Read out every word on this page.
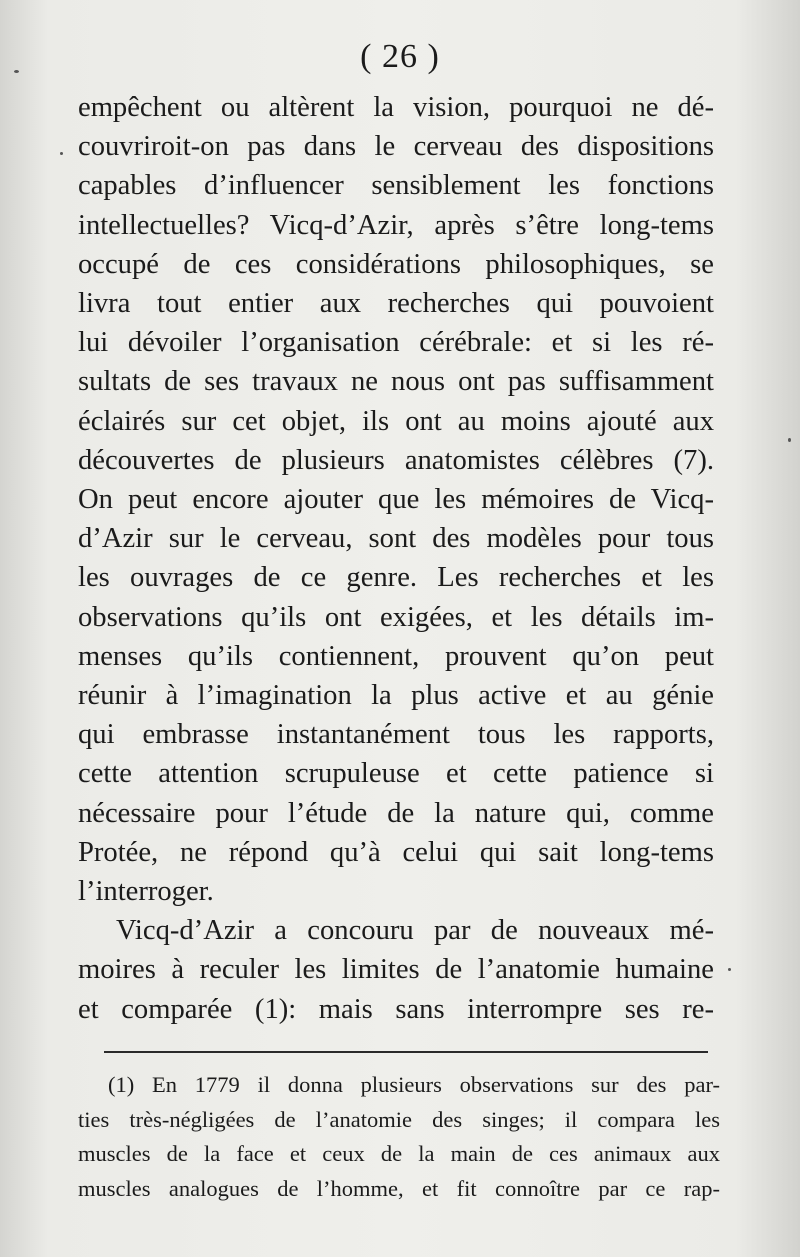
( 26 )
empêchent ou altèrent la vision, pourquoi ne dé-
couvriroit-on pas dans le cerveau des dispositions
capables d’influencer sensiblement les fonctions
intellectuelles? Vicq-d’Azir, après s’être long-tems
occupé de ces considérations philosophiques, se
livra tout entier aux recherches qui pouvoient
lui dévoiler l’organisation cérébrale: et si les ré-
sultats de ses travaux ne nous ont pas suffisamment
éclairés sur cet objet, ils ont au moins ajouté aux
découvertes de plusieurs anatomistes célèbres (7).
On peut encore ajouter que les mémoires de Vicq-
d’Azir sur le cerveau, sont des modèles pour tous
les ouvrages de ce genre. Les recherches et les
observations qu’ils ont exigées, et les détails im-
menses qu’ils contiennent, prouvent qu’on peut
réunir à l’imagination la plus active et au génie
qui embrasse instantanément tous les rapports,
cette attention scrupuleuse et cette patience si
nécessaire pour l’étude de la nature qui, comme
Protée, ne répond qu’à celui qui sait long-tems
l’interroger.
Vicq-d’Azir a concouru par de nouveaux mé-
moires à reculer les limites de l’anatomie humaine
et comparée (1): mais sans interrompre ses re-
(1) En 1779 il donna plusieurs observations sur des par-
ties très-négligées de l’anatomie des singes; il compara les
muscles de la face et ceux de la main de ces animaux aux
muscles analogues de l’homme, et fit connoître par ce rap-
